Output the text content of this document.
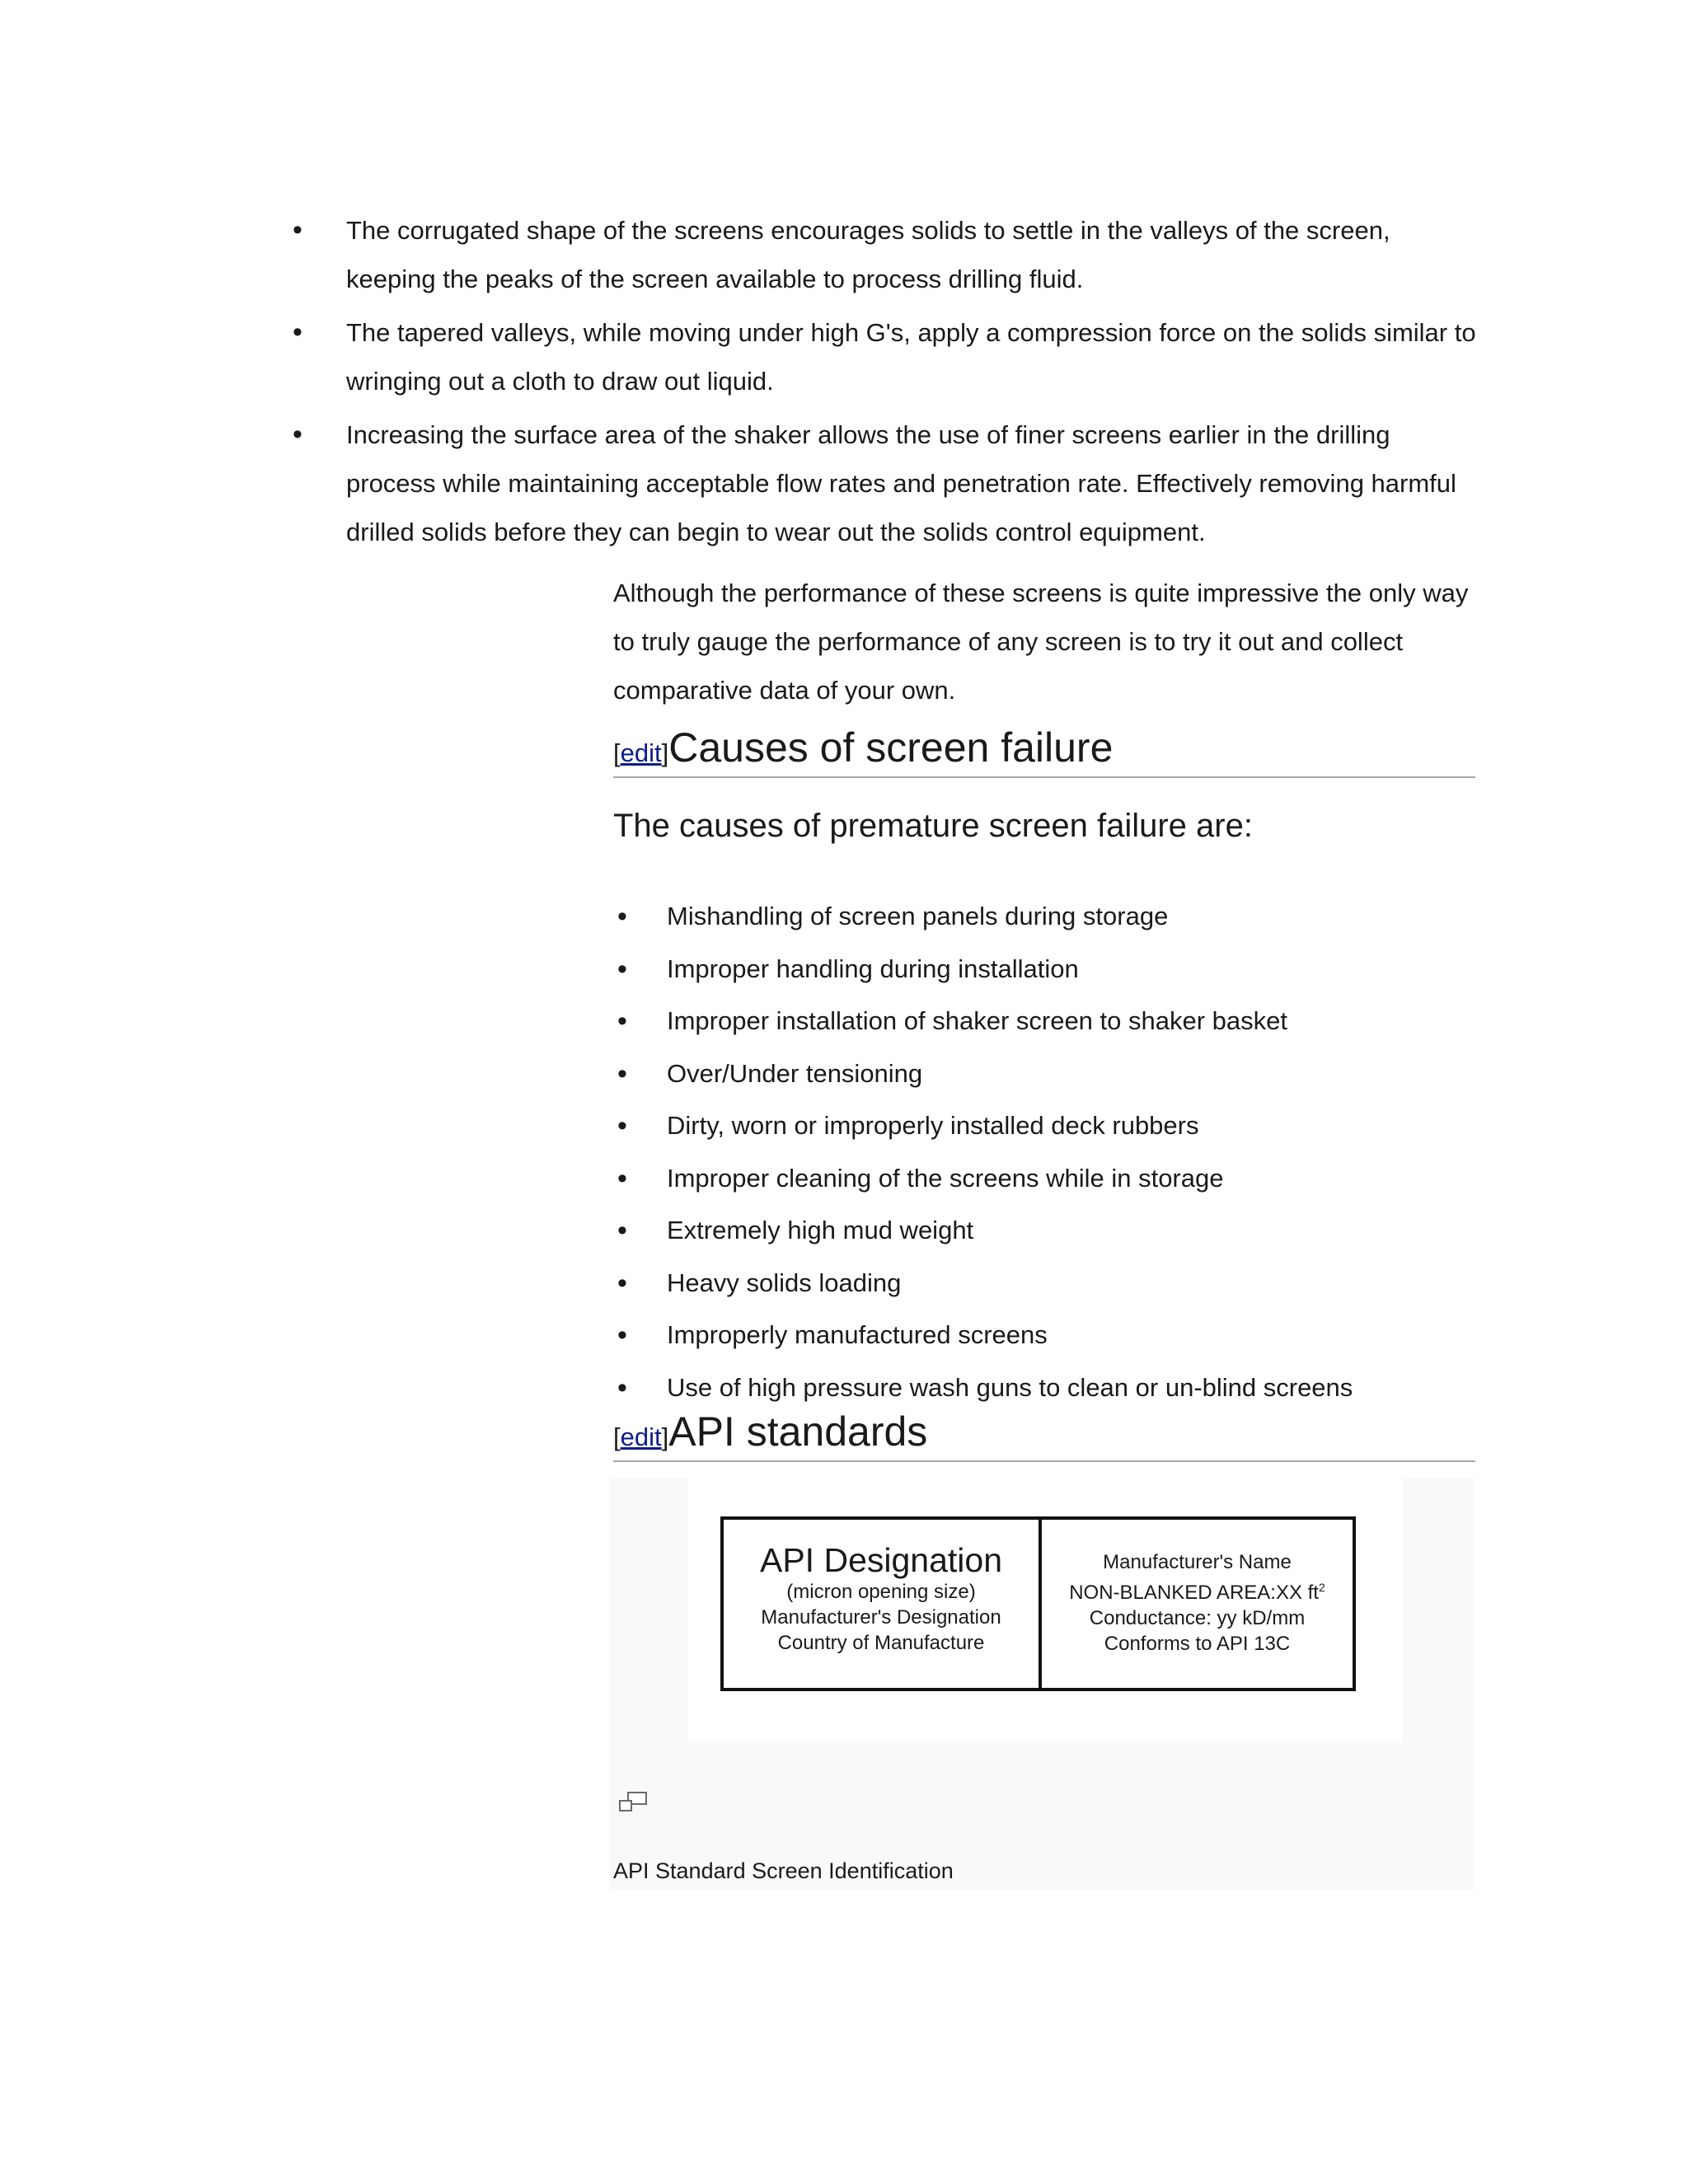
• The corrugated shape of the screens encourages solids to settle in the valleys of the screen, keeping the peaks of the screen available to process drilling fluid.
• The tapered valleys, while moving under high G's, apply a compression force on the solids similar to wringing out a cloth to draw out liquid.
• Increasing the surface area of the shaker allows the use of finer screens earlier in the drilling process while maintaining acceptable flow rates and penetration rate. Effectively removing harmful drilled solids before they can begin to wear out the solids control equipment.

Although the performance of these screens is quite impressive the only way to truly gauge the performance of any screen is to try it out and collect comparative data of your own.

[edit]Causes of screen failure

The causes of premature screen failure are:

• Mishandling of screen panels during storage
• Improper handling during installation
• Improper installation of shaker screen to shaker basket
• Over/Under tensioning
• Dirty, worn or improperly installed deck rubbers
• Improper cleaning of the screens while in storage
• Extremely high mud weight
• Heavy solids loading
• Improperly manufactured screens
• Use of high pressure wash guns to clean or un-blind screens
[edit]API standards
API Designation
(micron opening size)
Manufacturer's Designation
Country of Manufacture
Manufacturer's Name
NON-BLANKED AREA:XX $ft^2$
Conductance: yy kD/mm
Conforms to API 13C
API Standard Screen Identification
